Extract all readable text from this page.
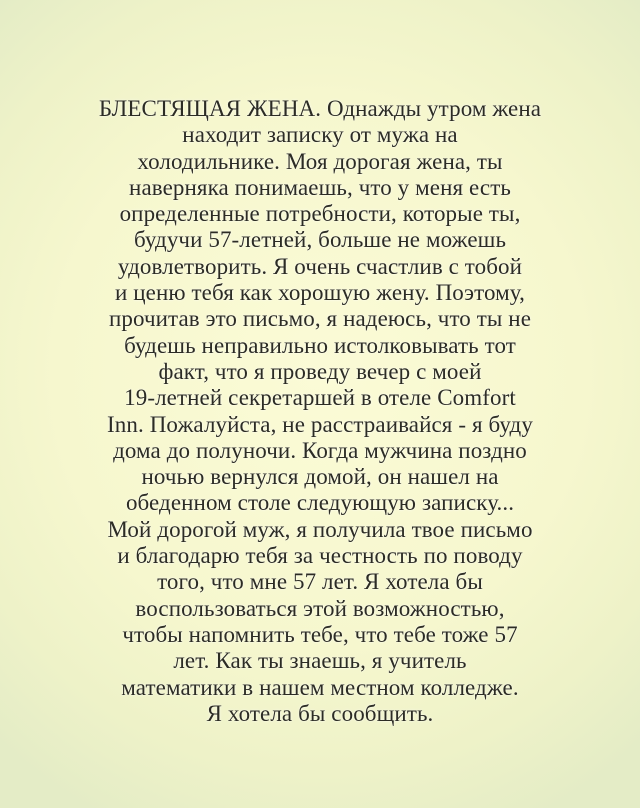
БЛЕСТЯЩАЯ ЖЕНА. Однажды утром жена
находит записку от мужа на
холодильнике. Моя дорогая жена, ты
наверняка понимаешь, что у меня есть
определенные потребности, которые ты,
будучи 57-летней, больше не можешь
удовлетворить. Я очень счастлив с тобой
и ценю тебя как хорошую жену. Поэтому,
прочитав это письмо, я надеюсь, что ты не
будешь неправильно истолковывать тот
факт, что я проведу вечер с моей
19-летней секретаршей в отеле Comfort
Inn. Пожалуйста, не расстраивайся - я буду
дома до полуночи. Когда мужчина поздно
ночью вернулся домой, он нашел на
обеденном столе следующую записку...
Мой дорогой муж, я получила твое письмо
и благодарю тебя за честность по поводу
того, что мне 57 лет. Я хотела бы
воспользоваться этой возможностью,
чтобы напомнить тебе, что тебе тоже 57
лет. Как ты знаешь, я учитель
математики в нашем местном колледже.
Я хотела бы сообщить.
